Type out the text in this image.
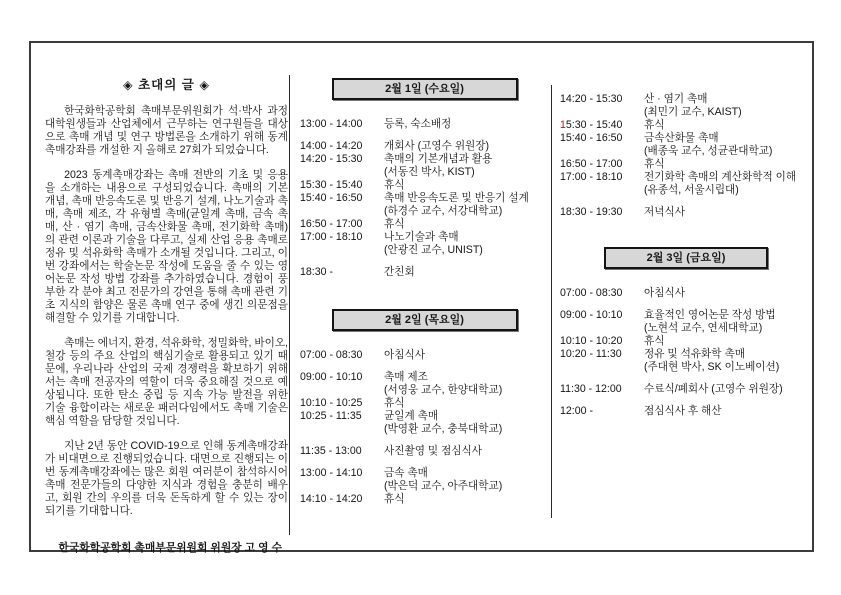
◈ 초대의 글 ◈

한국화학공학회 촉매부문위원회가 석·박사 과정 대학원생들과 산업체에서 근무하는 연구원들을 대상으로 촉매 개념 및 연구 방법론을 소개하기 위해 동계촉매강좌를 개설한 지 올해로 27회가 되었습니다.

2023 동계촉매강좌는 촉매 전반의 기초 및 응용을 소개하는 내용으로 구성되었습니다. 촉매의 기본 개념, 촉매 반응속도론 및 반응기 설계, 나노기술과 촉매, 촉매 제조, 각 유형별 촉매(균일계 촉매, 금속 촉매, 산 · 염기 촉매, 금속산화물 촉매, 전기화학 촉매)의 관련 이론과 기술을 다루고, 실제 산업 응용 촉매로 정유 및 석유화학 촉매가 소개될 것입니다. 그리고, 이번 강좌에서는 학술논문 작성에 도움을 줄 수 있는 영어논문 작성 방법 강좌를 추가하였습니다. 경험이 풍부한 각 분야 최고 전문가의 강연을 통해 촉매 관련 기초 지식의 함양은 물론 촉매 연구 중에 생긴 의문점을 해결할 수 있기를 기대합니다.

촉매는 에너지, 환경, 석유화학, 정밀화학, 바이오, 철강 등의 주요 산업의 핵심기술로 활용되고 있기 때문에, 우리나라 산업의 국제 경쟁력을 확보하기 위해서는 촉매 전공자의 역할이 더욱 중요해질 것으로 예상됩니다. 또한 탄소 중립 등 지속 가능 발전을 위한 기술 융합이라는 새로운 패러다임에서도 촉매 기술은 핵심 역할을 담당할 것입니다.

지난 2년 동안 COVID-19으로 인해 동계촉매강좌가 비대면으로 진행되었습니다. 대면으로 진행되는 이번 동계촉매강좌에는 많은 회원 여러분이 참석하시어 촉매 전문가들의 다양한 지식과 경험을 충분히 배우고, 회원 간의 우의를 더욱 돈독하게 할 수 있는 장이 되기를 기대합니다.

한국화학공학회 촉매부문위원회 위원장 고 영 수
2월 1일 (수요일)
13:00 - 14:00	등록, 숙소배정
14:00 - 14:20	개회사 (고영수 위원장)
14:20 - 15:30	촉매의 기본개념과 활용
(서동진 박사, KIST)
15:30 - 15:40	휴식
15:40 - 16:50	촉매 반응속도론 및 반응기 설계
(하경수 교수, 서강대학교)
16:50 - 17:00	휴식
17:00 - 18:10	나노기술과 촉매
(안광진 교수, UNIST)
18:30 -	간친회
2월 2일 (목요일)
07:00 - 08:30	아침식사
09:00 - 10:10	촉매 제조
(서영웅 교수, 한양대학교)
10:10 - 10:25	휴식
10:25 - 11:35	균일계 촉매
(박영환 교수, 충북대학교)
11:35 - 13:00	사진촬영 및 점심식사
13:00 - 14:10	금속 촉매
(박은덕 교수, 아주대학교)
14:10 - 14:20	휴식
14:20 - 15:30	산 · 염기 촉매
(최민기 교수, KAIST)
15:30 - 15:40	휴식
15:40 - 16:50	금속산화물 촉매
(배종욱 교수, 성균관대학교)
16:50 - 17:00	휴식
17:00 - 18:10	전기화학 촉매의 계산화학적 이해
(유종석, 서울시립대)
18:30 - 19:30	저녁식사
2월 3일 (금요일)
07:00 - 08:30	아침식사
09:00 - 10:10	효율적인 영어논문 작성 방법
(노현석 교수, 연세대학교)
10:10 - 10:20	휴식
10:20 - 11:30	정유 및 석유화학 촉매
(주대현 박사, SK 이노베이션)
11:30 - 12:00	수료식/폐회사 (고영수 위원장)
12:00 -	점심식사 후 해산
